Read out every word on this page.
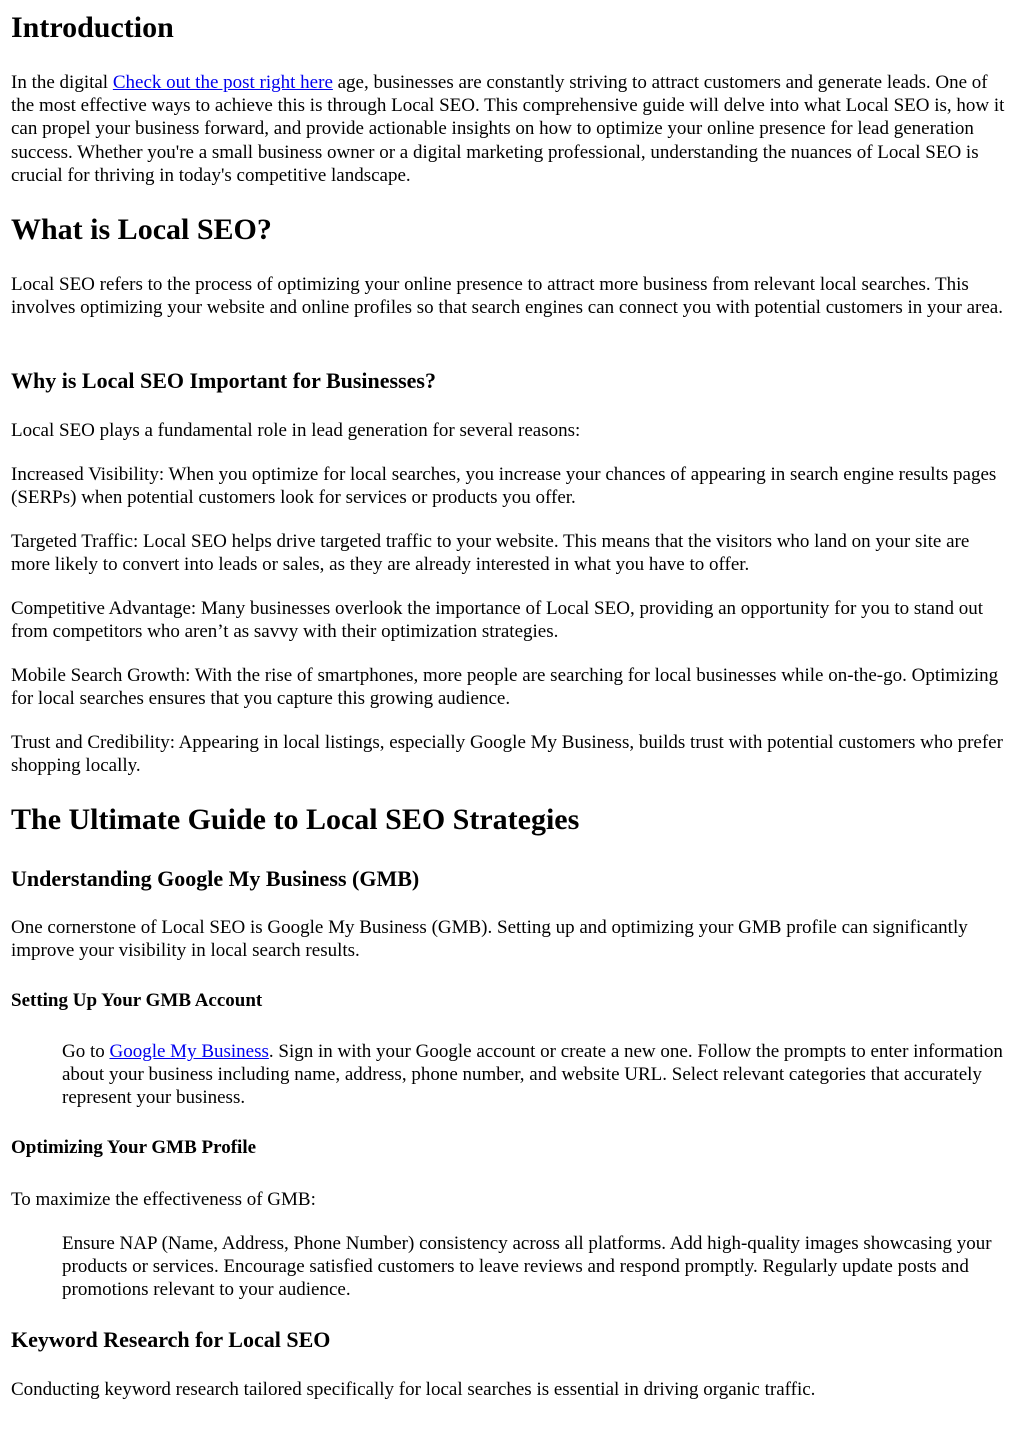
Introduction

In the digital Check out the post right here age, businesses are constantly striving to attract customers and generate leads. One of the most effective ways to achieve this is through Local SEO. This comprehensive guide will delve into what Local SEO is, how it can propel your business forward, and provide actionable insights on how to optimize your online presence for lead generation success. Whether you're a small business owner or a digital marketing professional, understanding the nuances of Local SEO is crucial for thriving in today's competitive landscape.

What is Local SEO?

Local SEO refers to the process of optimizing your online presence to attract more business from relevant local searches. This involves optimizing your website and online profiles so that search engines can connect you with potential customers in your area.

Why is Local SEO Important for Businesses?

Local SEO plays a fundamental role in lead generation for several reasons:

Increased Visibility: When you optimize for local searches, you increase your chances of appearing in search engine results pages (SERPs) when potential customers look for services or products you offer.

Targeted Traffic: Local SEO helps drive targeted traffic to your website. This means that the visitors who land on your site are more likely to convert into leads or sales, as they are already interested in what you have to offer.

Competitive Advantage: Many businesses overlook the importance of Local SEO, providing an opportunity for you to stand out from competitors who aren’t as savvy with their optimization strategies.

Mobile Search Growth: With the rise of smartphones, more people are searching for local businesses while on-the-go. Optimizing for local searches ensures that you capture this growing audience.

Trust and Credibility: Appearing in local listings, especially Google My Business, builds trust with potential customers who prefer shopping locally.

The Ultimate Guide to Local SEO Strategies
Understanding Google My Business (GMB)

One cornerstone of Local SEO is Google My Business (GMB). Setting up and optimizing your GMB profile can significantly improve your visibility in local search results.

Setting Up Your GMB Account

Go to Google My Business. Sign in with your Google account or create a new one. Follow the prompts to enter information about your business including name, address, phone number, and website URL. Select relevant categories that accurately represent your business.

Optimizing Your GMB Profile

To maximize the effectiveness of GMB:

Ensure NAP (Name, Address, Phone Number) consistency across all platforms. Add high-quality images showcasing your products or services. Encourage satisfied customers to leave reviews and respond promptly. Regularly update posts and promotions relevant to your audience.

Keyword Research for Local SEO

Conducting keyword research tailored specifically for local searches is essential in driving organic traffic.
